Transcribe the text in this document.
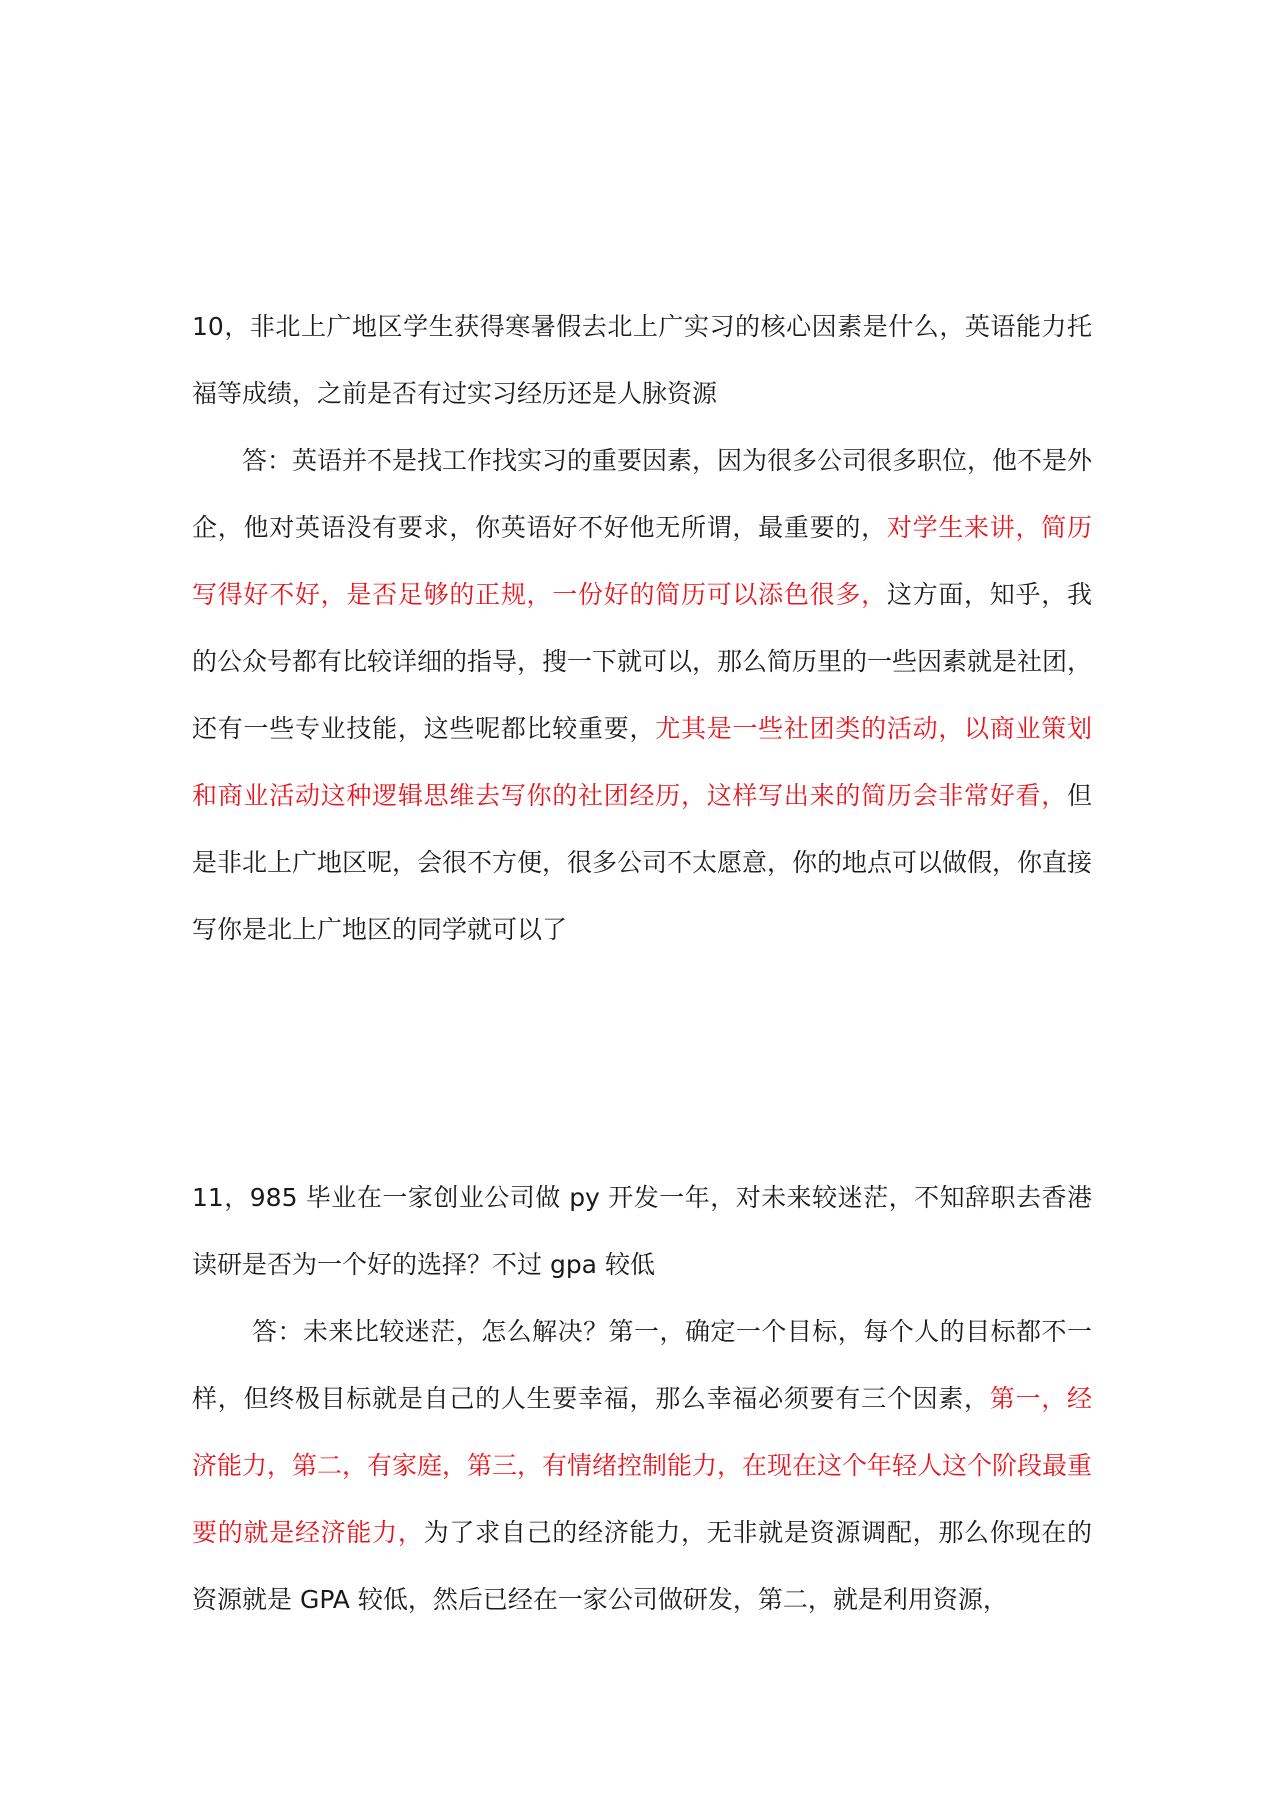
10，非北上广地区学生获得寒暑假去北上广实习的核心因素是什么，英语能力托福等成绩，之前是否有过实习经历还是人脉资源

答：英语并不是找工作找实习的重要因素，因为很多公司很多职位，他不是外企，他对英语没有要求，你英语好不好他无所谓，最重要的，对学生来讲，简历写得好不好，是否足够的正规，一份好的简历可以添色很多，这方面，知乎，我的公众号都有比较详细的指导，搜一下就可以，那么简历里的一些因素就是社团，还有一些专业技能，这些呢都比较重要，尤其是一些社团类的活动，以商业策划和商业活动这种逻辑思维去写你的社团经历，这样写出来的简历会非常好看，但是非北上广地区呢，会很不方便，很多公司不太愿意，你的地点可以做假，你直接写你是北上广地区的同学就可以了

11，985 毕业在一家创业公司做 py 开发一年，对未来较迷茫，不知辞职去香港读研是否为一个好的选择？不过 gpa 较低

答：未来比较迷茫，怎么解决？第一，确定一个目标，每个人的目标都不一样，但终极目标就是自己的人生要幸福，那么幸福必须要有三个因素，第一，经济能力，第二，有家庭，第三，有情绪控制能力，在现在这个年轻人这个阶段最重要的就是经济能力，为了求自己的经济能力，无非就是资源调配，那么你现在的资源就是 GPA 较低，然后已经在一家公司做研发，第二，就是利用资源，
